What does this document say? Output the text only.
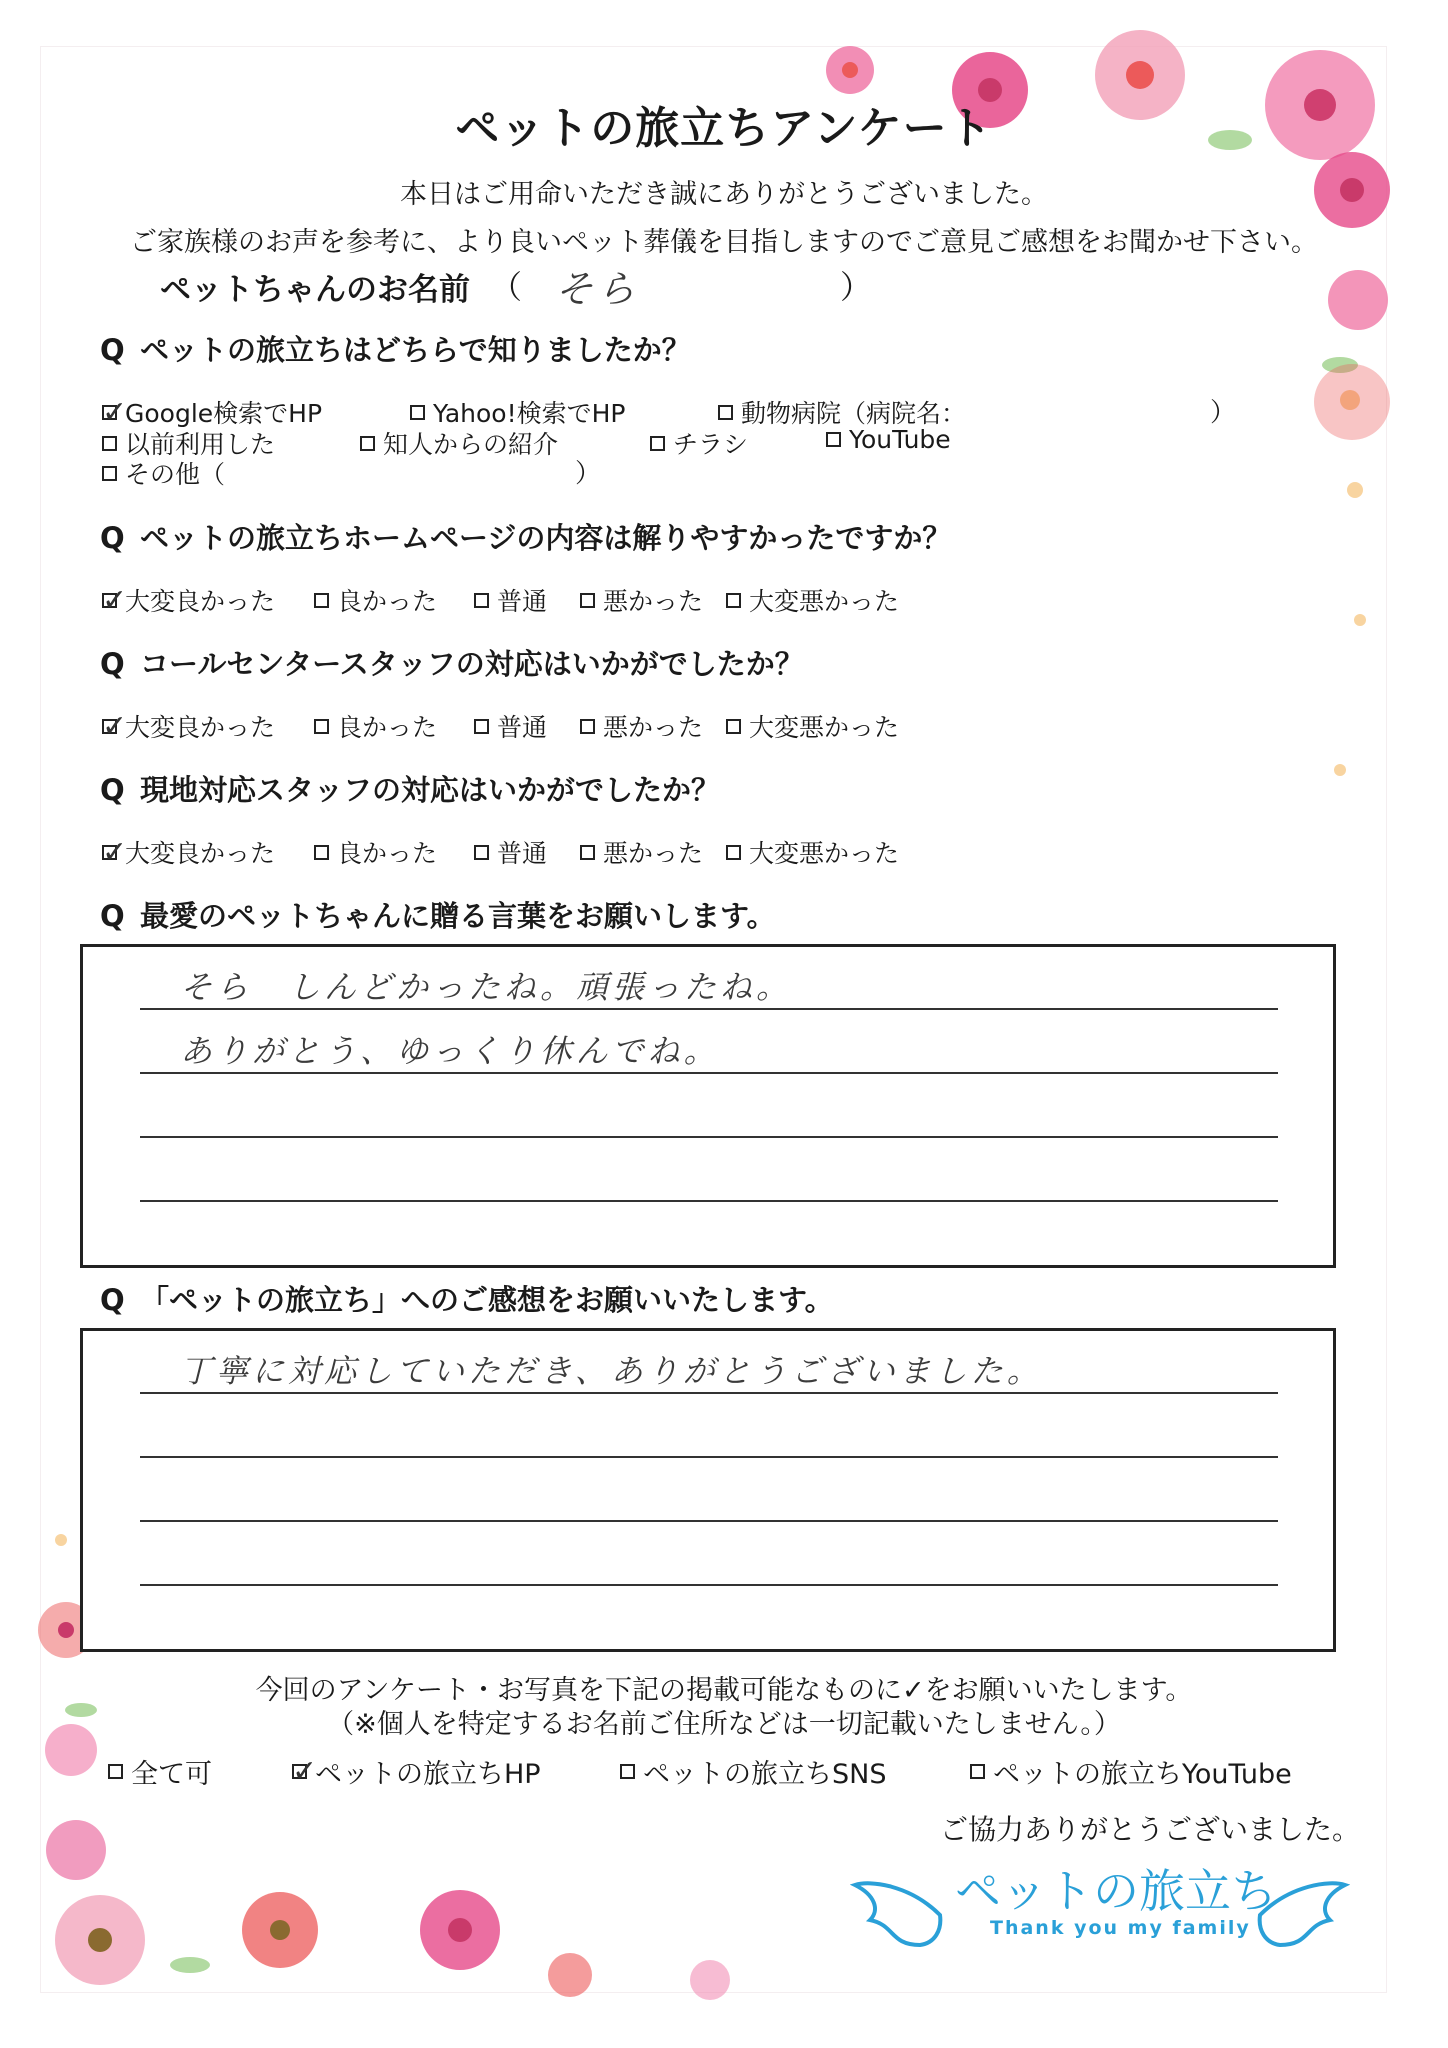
ペットの旅立ちアンケート
本日はご用命いただき誠にありがとうございました。
ご家族様のお声を参考に、より良いペット葬儀を目指しますのでご意見ご感想をお聞かせ下さい。
ペットちゃんのお名前 （ そら	）
Q ペットの旅立ちはどちらで知りましたか？
✓
Google検索でHP	Yahoo!検索でHP	動物病院（病院名：	）
以前利用した	知人からの紹介	チラシ	YouTube
その他（	）
Q ペットの旅立ちホームページの内容は解りやすかったですか？
✓
大変良かった 良かった 普通 悪かった 大変悪かった
Q コールセンタースタッフの対応はいかがでしたか？
✓
大変良かった 良かった 普通 悪かった 大変悪かった
Q 現地対応スタッフの対応はいかがでしたか？
✓
大変良かった 良かった 普通 悪かった 大変悪かった
Q 最愛のペットちゃんに贈る言葉をお願いします。
そら　しんどかったね。頑張ったね。
ありがとう、ゆっくり休んでね。
Q 「ペットの旅立ち」へのご感想をお願いいたします。
丁寧に対応していただき、ありがとうございました。
今回のアンケート・お写真を下記の掲載可能なものに✓をお願いいたします。
（※個人を特定するお名前ご住所などは一切記載いたしません。）
全て可	✓
ペットの旅立ちHP	ペットの旅立ちSNS	ペットの旅立ちYouTube
ご協力ありがとうございました。
ペットの旅立ち
Thank you my family
